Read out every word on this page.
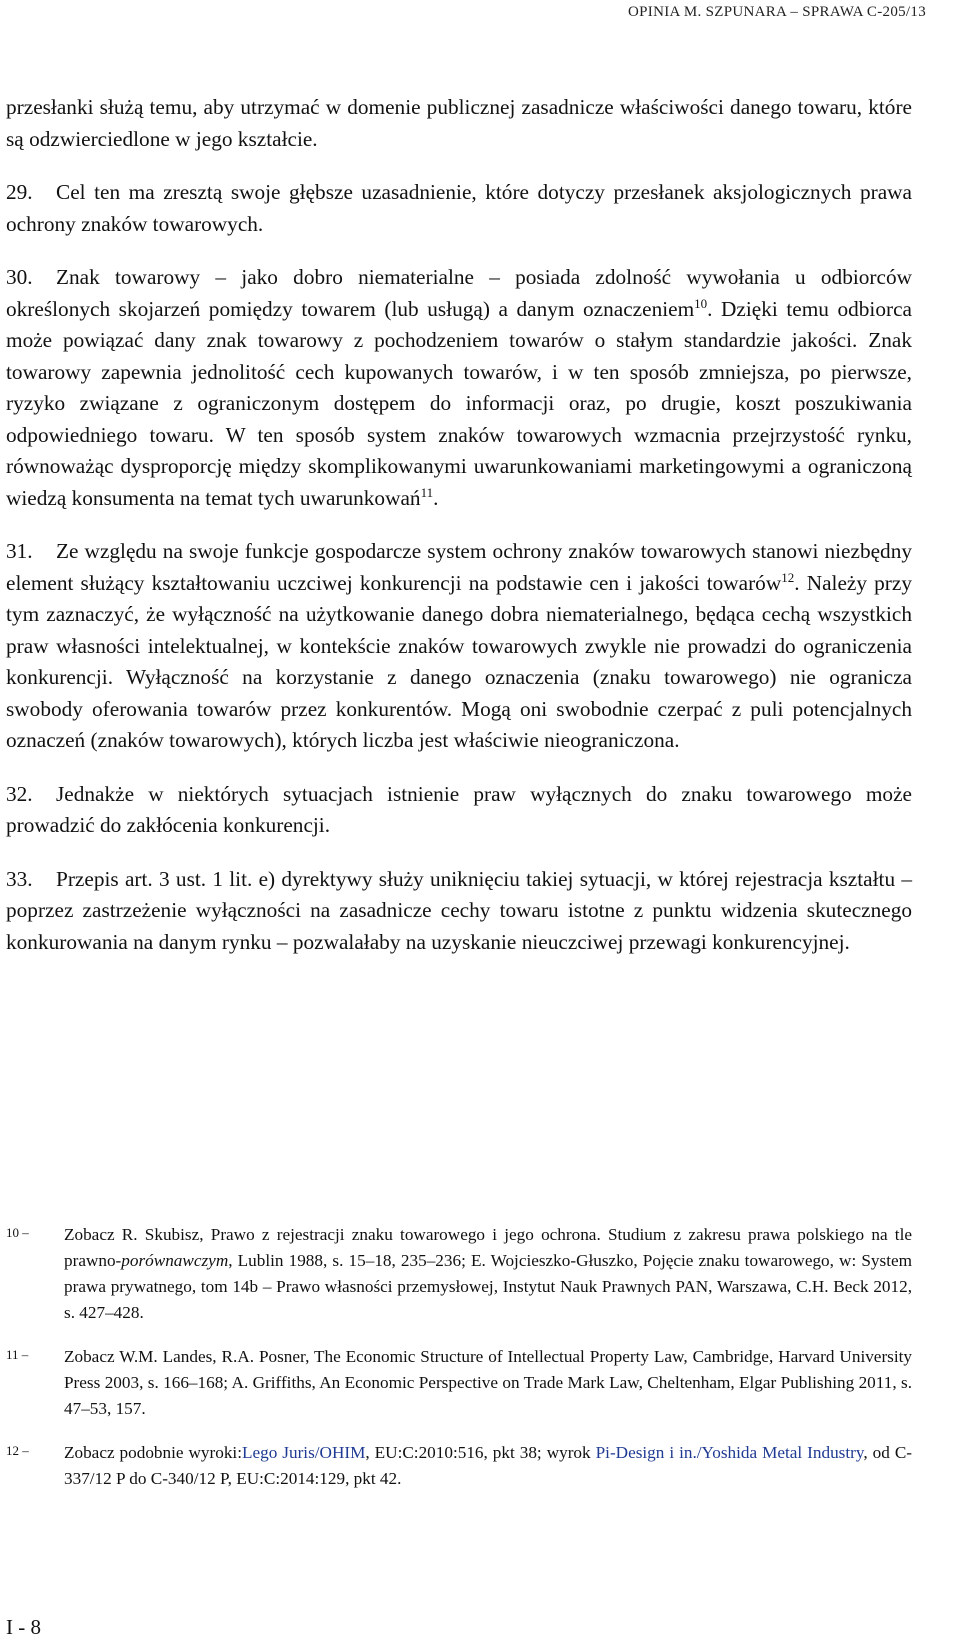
OPINIA M. SZPUNARA – SPRAWA C-205/13

przesłanki służą temu, aby utrzymać w domenie publicznej zasadnicze właściwości danego towaru, które są odzwierciedlone w jego kształcie.

29. Cel ten ma zresztą swoje głębsze uzasadnienie, które dotyczy przesłanek aksjologicznych prawa ochrony znaków towarowych.

30. Znak towarowy – jako dobro niematerialne – posiada zdolność wywołania u odbiorców określonych skojarzeń pomiędzy towarem (lub usługą) a danym oznaczeniem$^{10}$. Dzięki temu odbiorca może powiązać dany znak towarowy z pochodzeniem towarów o stałym standardzie jakości. Znak towarowy zapewnia jednolitość cech kupowanych towarów, i w ten sposób zmniejsza, po pierwsze, ryzyko związane z ograniczonym dostępem do informacji oraz, po drugie, koszt poszukiwania odpowiedniego towaru. W ten sposób system znaków towarowych wzmacnia przejrzystość rynku, równoważąc dysproporcję między skomplikowanymi uwarunkowaniami marketingowymi a ograniczoną wiedzą konsumenta na temat tych uwarunkowań$^{11}$.

31. Ze względu na swoje funkcje gospodarcze system ochrony znaków towarowych stanowi niezbędny element służący kształtowaniu uczciwej konkurencji na podstawie cen i jakości towarów$^{12}$. Należy przy tym zaznaczyć, że wyłączność na użytkowanie danego dobra niematerialnego, będąca cechą wszystkich praw własności intelektualnej, w kontekście znaków towarowych zwykle nie prowadzi do ograniczenia konkurencji. Wyłączność na korzystanie z danego oznaczenia (znaku towarowego) nie ogranicza swobody oferowania towarów przez konkurentów. Mogą oni swobodnie czerpać z puli potencjalnych oznaczeń (znaków towarowych), których liczba jest właściwie nieograniczona.

32. Jednakże w niektórych sytuacjach istnienie praw wyłącznych do znaku towarowego może prowadzić do zakłócenia konkurencji.

33. Przepis art. 3 ust. 1 lit. e) dyrektywy służy uniknięciu takiej sytuacji, w której rejestracja kształtu – poprzez zastrzeżenie wyłączności na zasadnicze cechy towaru istotne z punktu widzenia skutecznego konkurowania na danym rynku – pozwalałaby na uzyskanie nieuczciwej przewagi konkurencyjnej.

10 –	Zobacz R. Skubisz, Prawo z rejestracji znaku towarowego i jego ochrona. Studium z zakresu prawa polskiego na tle prawno-porównawczym, Lublin 1988, s. 15–18, 235–236; E. Wojcieszko-Głuszko, Pojęcie znaku towarowego, w: System prawa prywatnego, tom 14b – Prawo własności przemysłowej, Instytut Nauk Prawnych PAN, Warszawa, C.H. Beck 2012, s. 427–428.
11 –	Zobacz W.M. Landes, R.A. Posner, The Economic Structure of Intellectual Property Law, Cambridge, Harvard University Press 2003, s. 166–168; A. Griffiths, An Economic Perspective on Trade Mark Law, Cheltenham, Elgar Publishing 2011, s. 47–53, 157.
12 –	Zobacz podobnie wyroki:Lego Juris/OHIM, EU:C:2010:516, pkt 38; wyrok Pi-Design i in./Yoshida Metal Industry, od C-337/12 P do C-340/12 P, EU:C:2014:129, pkt 42.
I - 8
